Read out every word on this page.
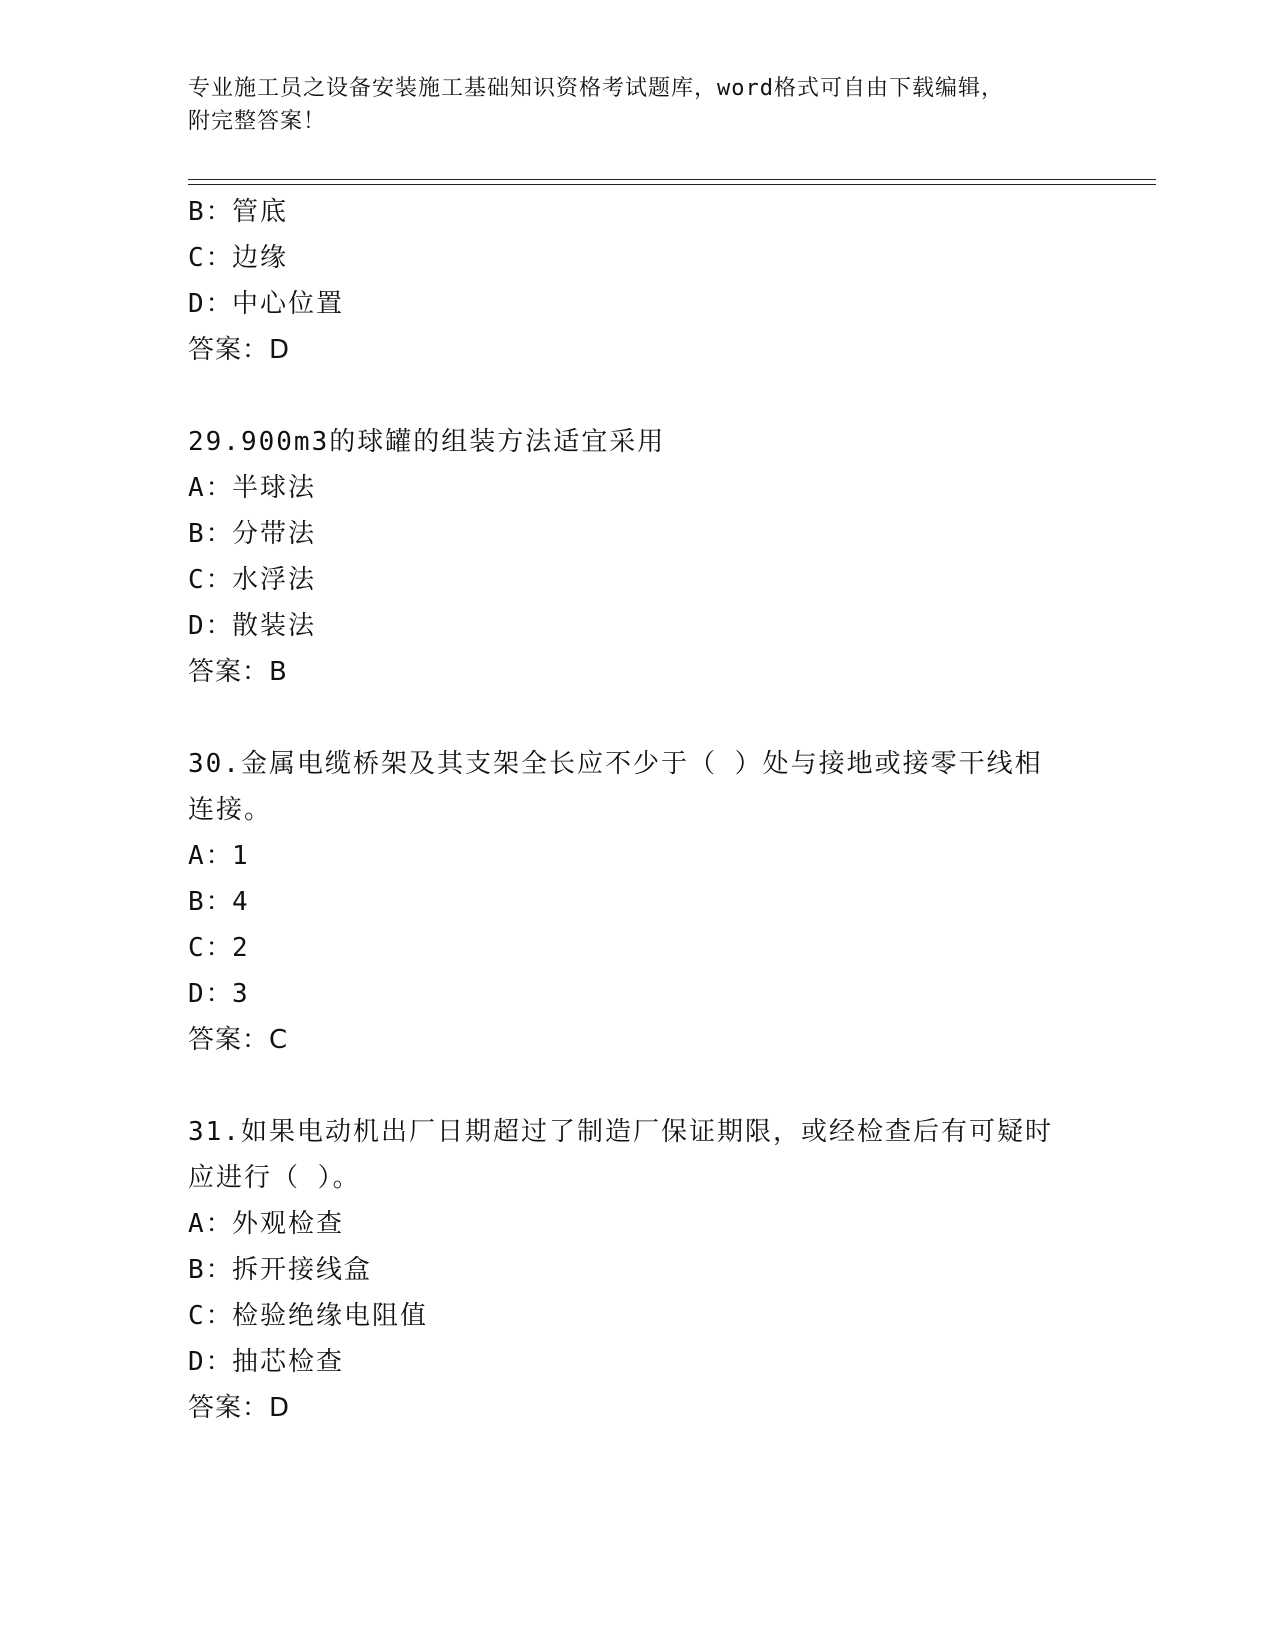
专业施工员之设备安装施工基础知识资格考试题库，word格式可自由下载编辑，
附完整答案！
B：管底
C：边缘
D：中心位置
答案：D
29.900m3的球罐的组装方法适宜采用
A：半球法
B：分带法
C：水浮法
D：散装法
答案：B
30.金属电缆桥架及其支架全长应不少于（ ）处与接地或接零干线相
连接。
A：1
B：4
C：2
D：3
答案：C
31.如果电动机出厂日期超过了制造厂保证期限，或经检查后有可疑时
应进行（ ）。
A：外观检查
B：拆开接线盒
C：检验绝缘电阻值
D：抽芯检查
答案：D
